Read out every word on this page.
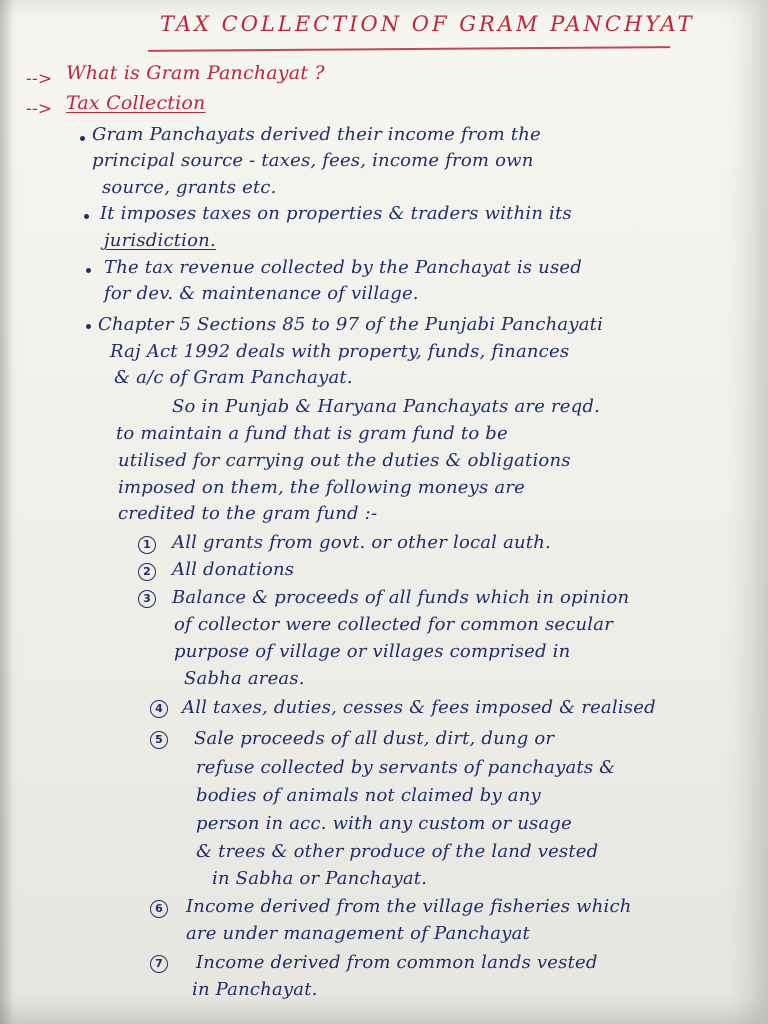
TAX COLLECTION OF GRAM PANCHYAT
--> What is Gram Panchayat ?
--> Tax Collection
Gram Panchayats derived their income from the
principal source - taxes, fees, income from own
source, grants etc.
It imposes taxes on properties & traders within its
jurisdiction.
The tax revenue collected by the Panchayat is used
for dev. & maintenance of village.
Chapter 5 Sections 85 to 97 of the Punjabi Panchayati
Raj Act 1992 deals with property, funds, finances
& a/c of Gram Panchayat.
So in Punjab & Haryana Panchayats are reqd.
to maintain a fund that is gram fund to be
utilised for carrying out the duties & obligations
imposed on them, the following moneys are
credited to the gram fund :-
1 All grants from govt. or other local auth.
2 All donations
3 Balance & proceeds of all funds which in opinion
of collector were collected for common secular
purpose of village or villages comprised in
Sabha areas.
4 All taxes, duties, cesses & fees imposed & realised
5 Sale proceeds of all dust, dirt, dung or
refuse collected by servants of panchayats &
bodies of animals not claimed by any
person in acc. with any custom or usage
& trees & other produce of the land vested
in Sabha or Panchayat.
6 Income derived from the village fisheries which
are under management of Panchayat
7 Income derived from common lands vested
in Panchayat.
